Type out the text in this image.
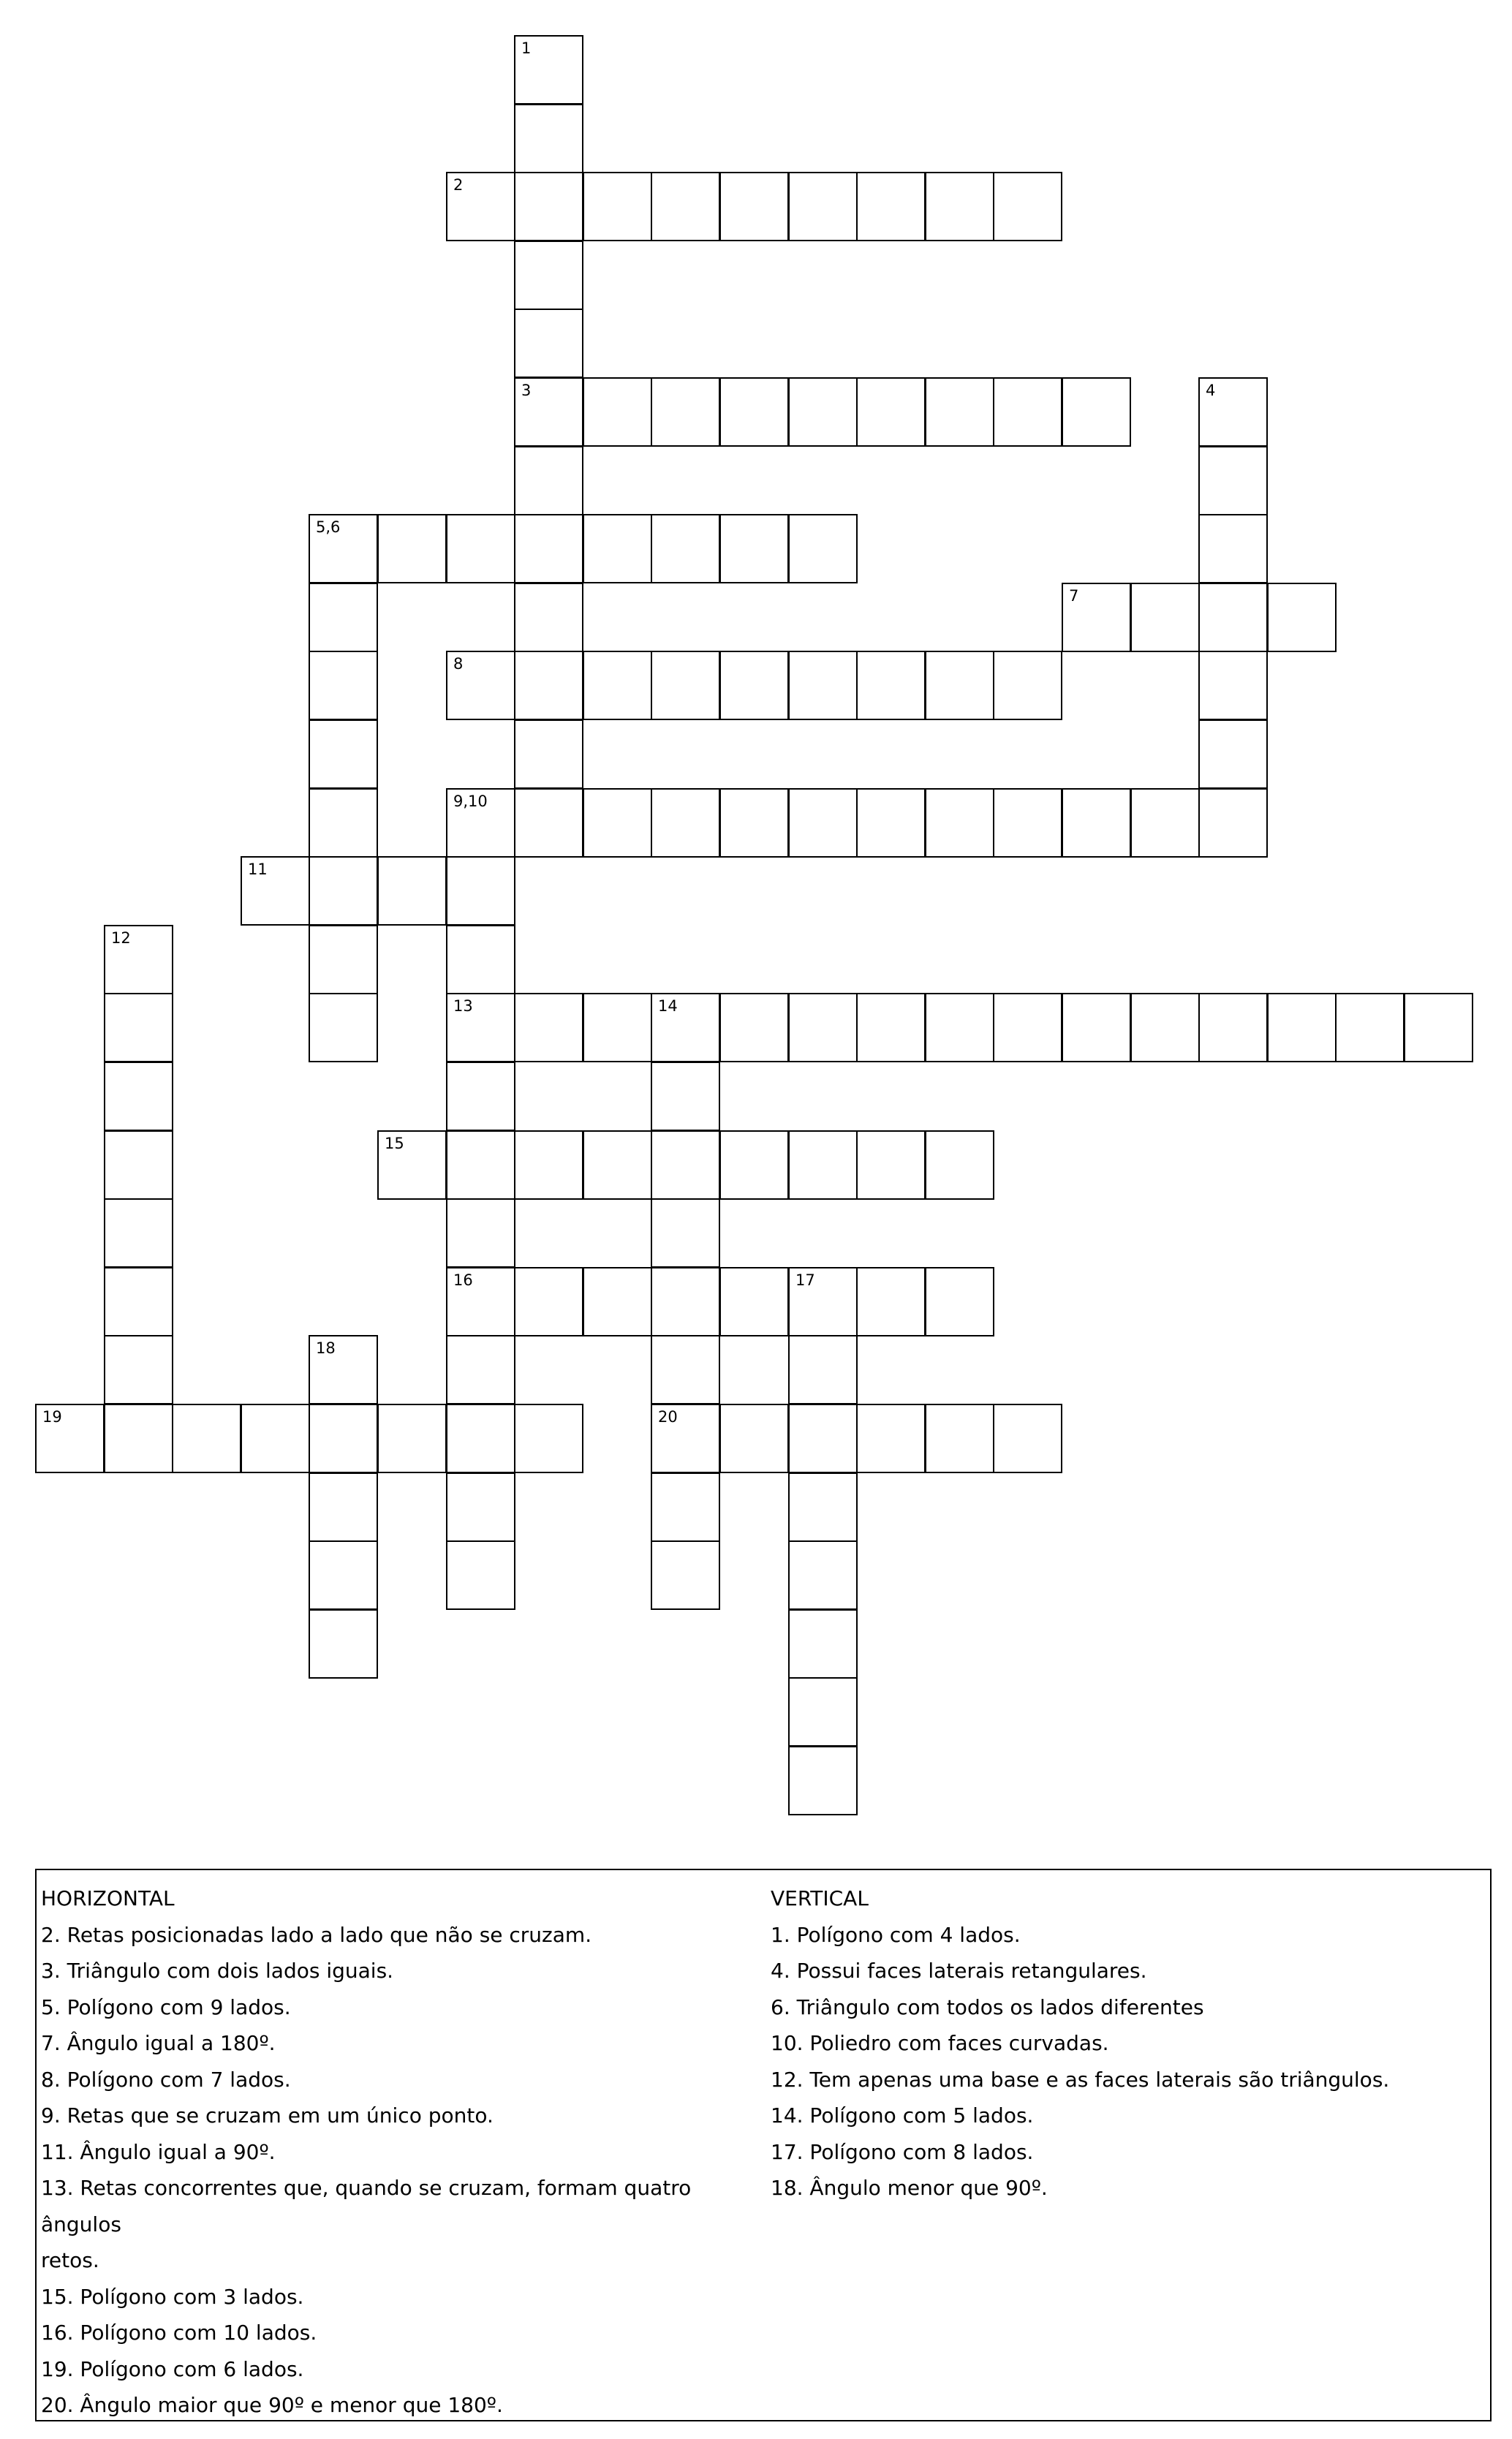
1
2
3	4
5,6
7
8
9,10
11
12
13	14
15
16	17
18
19	20
HORIZONTAL
2. Retas posicionadas lado a lado que não se cruzam.
3. Triângulo com dois lados iguais.
5. Polígono com 9 lados.
7. Ângulo igual a 180º.
8. Polígono com 7 lados.
9. Retas que se cruzam em um único ponto.
11. Ângulo igual a 90º.
13. Retas concorrentes que, quando se cruzam, formam quatro ângulos
retos.
15. Polígono com 3 lados.
16. Polígono com 10 lados.
19. Polígono com 6 lados.
20. Ângulo maior que 90º e menor que 180º.
VERTICAL
1. Polígono com 4 lados.
4. Possui faces laterais retangulares.
6. Triângulo com todos os lados diferentes
10. Poliedro com faces curvadas.
12. Tem apenas uma base e as faces laterais são triângulos.
14. Polígono com 5 lados.
17. Polígono com 8 lados.
18. Ângulo menor que 90º.
